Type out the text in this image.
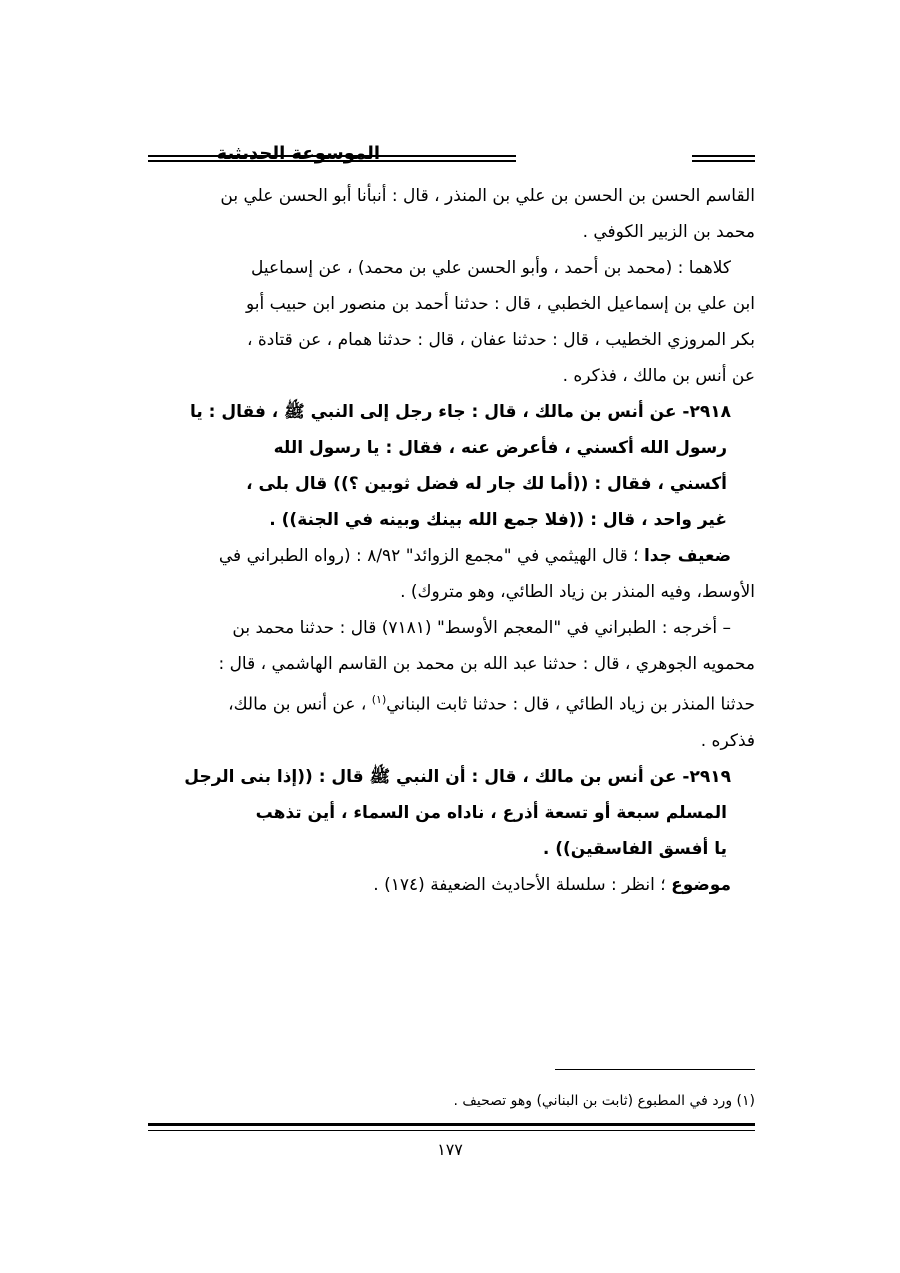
الموسوعة الحديثية

القاسم الحسن بن الحسن بن علي بن المنذر ، قال : أنبأنا أبو الحسن علي بن

محمد بن الزبير الكوفي .

كلاهما : (محمد بن أحمد ، وأبو الحسن علي بن محمد) ، عن إسماعيل

ابن علي بن إسماعيل الخطبي ، قال : حدثنا أحمد بن منصور ابن حبيب أبو

بكر المروزي الخطيب ، قال : حدثنا عفان ، قال : حدثنا همام ، عن قتادة ،

عن أنس بن مالك ، فذكره .

٢٩١٨- عن أنس بن مالك ، قال : جاء رجل إلى النبي ﷺ ، فقال : يا

رسول الله أكسني ، فأعرض عنه ، فقال : يا رسول الله

أكسني ، فقال : ((أما لك جار له فضل ثوبين ؟)) قال بلى ،

غير واحد ، قال : ((فلا جمع الله بينك وبينه في الجنة)) .

ضعيف جدا ؛ قال الهيثمي في "مجمع الزوائد" ٨/٩٢ : (رواه الطبراني في

الأوسط، وفيه المنذر بن زياد الطائي، وهو متروك) .

– أخرجه : الطبراني في "المعجم الأوسط" (٧١٨١) قال : حدثنا محمد بن

محمويه الجوهري ، قال : حدثنا عبد الله بن محمد بن القاسم الهاشمي ، قال :

حدثنا المنذر بن زياد الطائي ، قال : حدثنا ثابت البناني$^{(١)}$ ، عن أنس بن مالك،

فذكره .

٢٩١٩- عن أنس بن مالك ، قال : أن النبي ﷺ قال : ((إذا بنى الرجل

المسلم سبعة أو تسعة أذرع ، ناداه من السماء ، أين تذهب

يا أفسق الفاسقين)) .

موضوع ؛ انظر : سلسلة الأحاديث الضعيفة (١٧٤) .

(١) ورد في المطبوع (ثابت بن البناني) وهو تصحيف .
١٧٧
